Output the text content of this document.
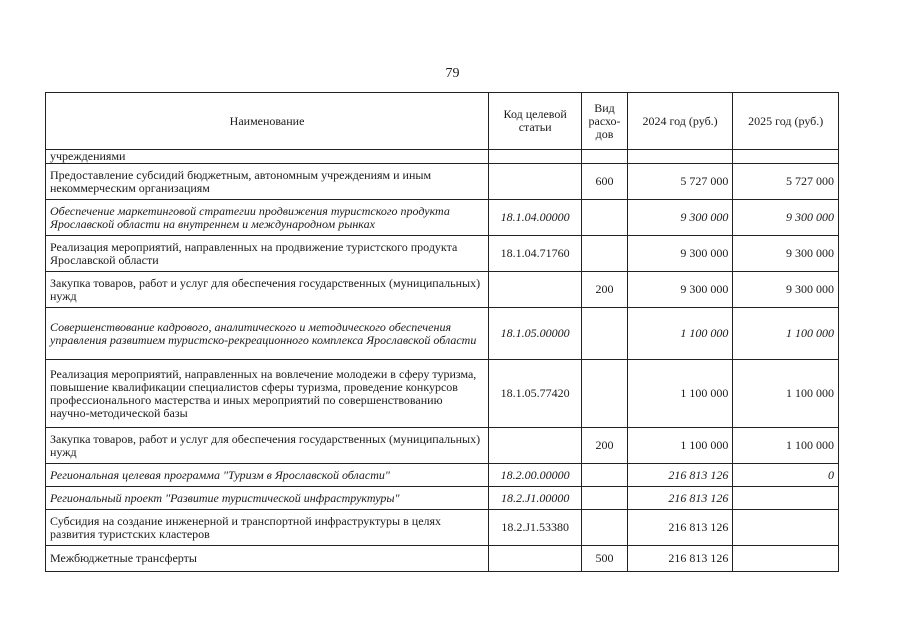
79
Наименование	Код целевой статьи	Вид расхо-дов	2024 год (руб.)	2025 год (руб.)
учреждениями				
Предоставление субсидий бюджетным, автономным учреждениям и иным некоммерческим организациям		600	5 727 000	5 727 000
Обеспечение маркетинговой стратегии продвижения туристского продукта Ярославской области на внутреннем и международном рынках	18.1.04.00000		9 300 000	9 300 000
Реализация мероприятий, направленных на продвижение туристского продукта Ярославской области	18.1.04.71760		9 300 000	9 300 000
Закупка товаров, работ и услуг для обеспечения государственных (муниципальных) нужд		200	9 300 000	9 300 000
Совершенствование кадрового, аналитического и методического обеспечения управления развитием туристско-рекреационного комплекса Ярославской области	18.1.05.00000		1 100 000	1 100 000
Реализация мероприятий, направленных на вовлечение молодежи в сферу туризма, повышение квалификации специалистов сферы туризма, проведение конкурсов профессионального мастерства и иных мероприятий по совершенствованию научно-методической базы	18.1.05.77420		1 100 000	1 100 000
Закупка товаров, работ и услуг для обеспечения государственных (муниципальных) нужд		200	1 100 000	1 100 000
Региональная целевая программа "Туризм в Ярославской области"	18.2.00.00000		216 813 126	0
Региональный проект "Развитие туристической инфраструктуры"	18.2.J1.00000		216 813 126	
Субсидия на создание инженерной и транспортной инфраструктуры в целях развития туристских кластеров	18.2.J1.53380		216 813 126	
Межбюджетные трансферты		500	216 813 126	
